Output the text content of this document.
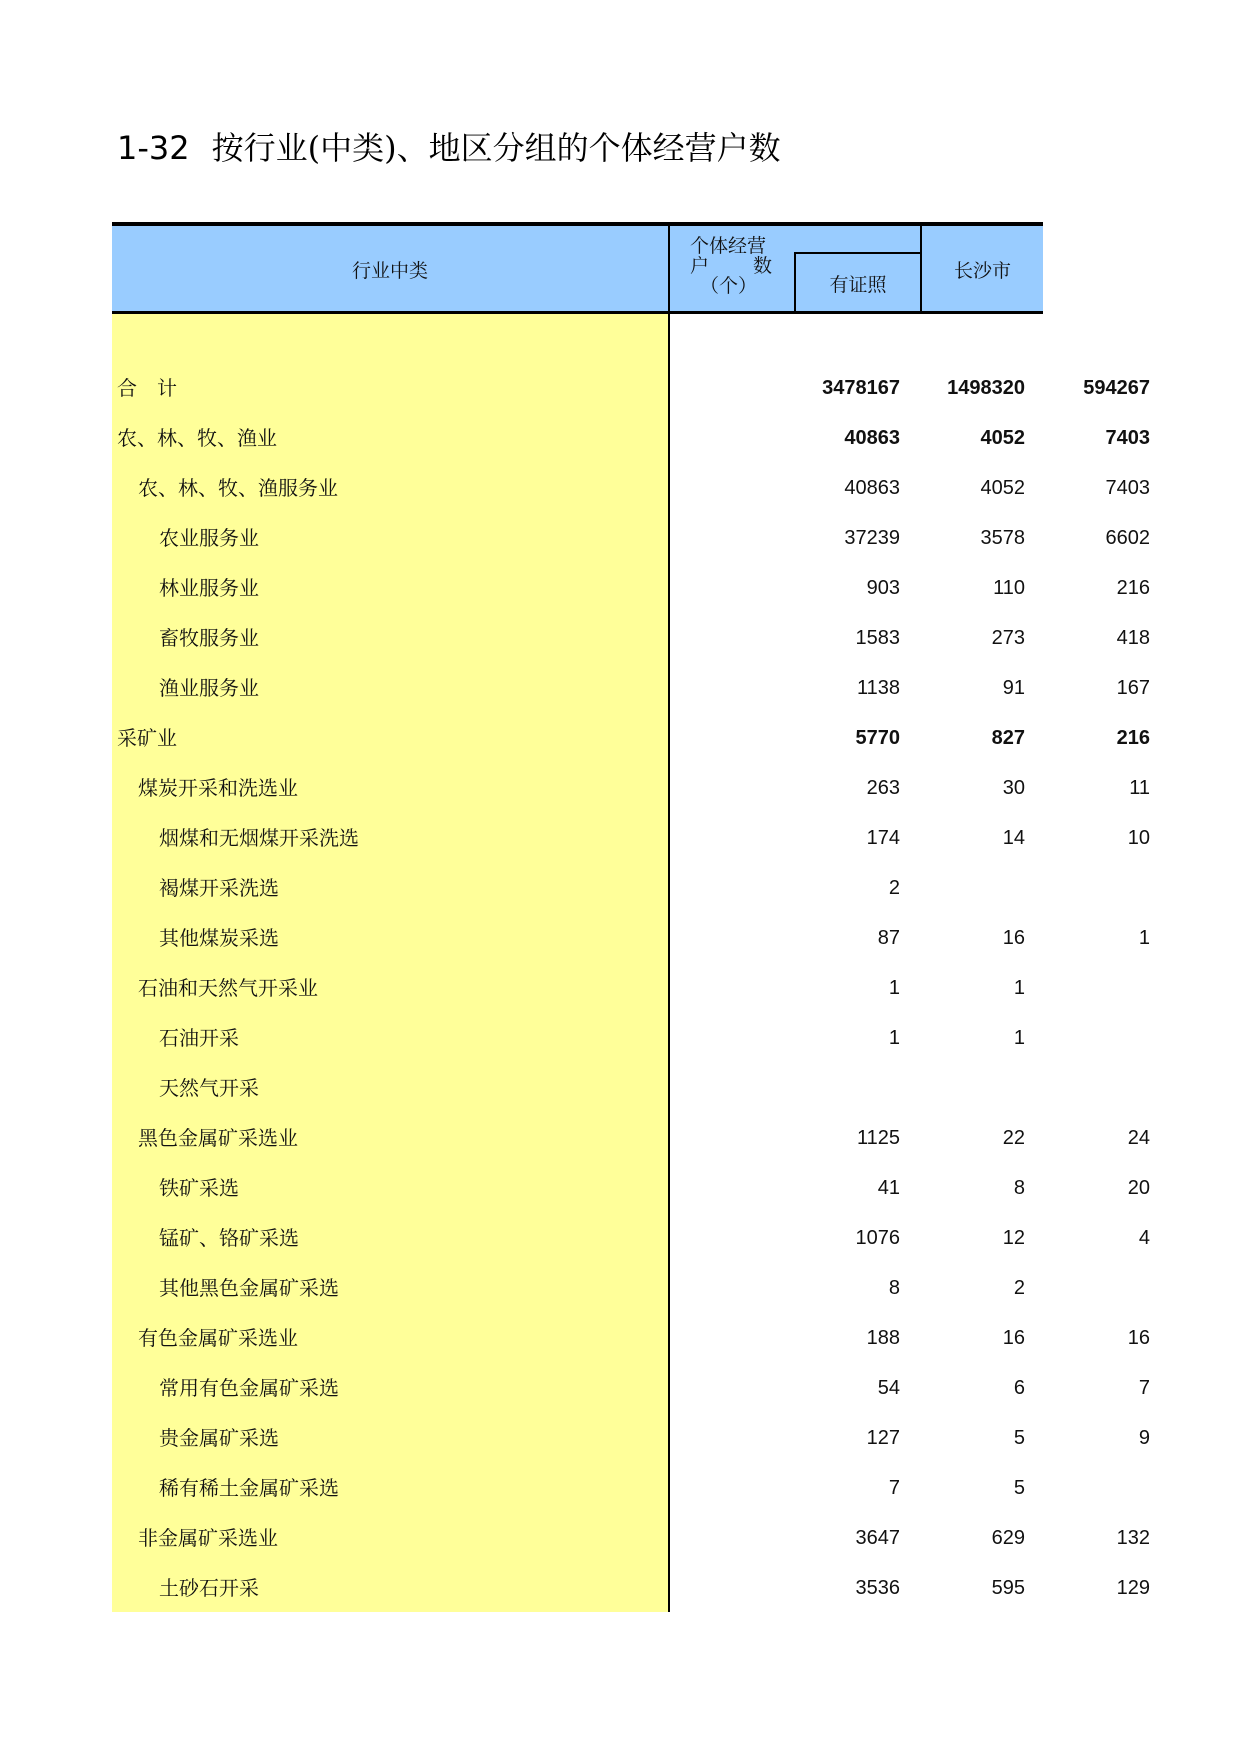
1-32 按行业(中类)、地区分组的个体经营户数
行业中类
个体经营
户 数
（个）	有证照
长沙市
合　计	3478167	1498320	594267
农、林、牧、渔业	40863	4052	7403
农、林、牧、渔服务业	40863	4052	7403
农业服务业	37239	3578	6602
林业服务业	903	110	216
畜牧服务业	1583	273	418
渔业服务业	1138	91	167
采矿业	5770	827	216
煤炭开采和洗选业	263	30	11
烟煤和无烟煤开采洗选	174	14	10
褐煤开采洗选	2
其他煤炭采选	87	16	1
石油和天然气开采业	1	1
石油开采	1	1
天然气开采
黑色金属矿采选业	1125	22	24
铁矿采选	41	8	20
锰矿、铬矿采选	1076	12	4
其他黑色金属矿采选	8	2
有色金属矿采选业	188	16	16
常用有色金属矿采选	54	6	7
贵金属矿采选	127	5	9
稀有稀土金属矿采选	7	5
非金属矿采选业	3647	629	132
土砂石开采	3536	595	129
